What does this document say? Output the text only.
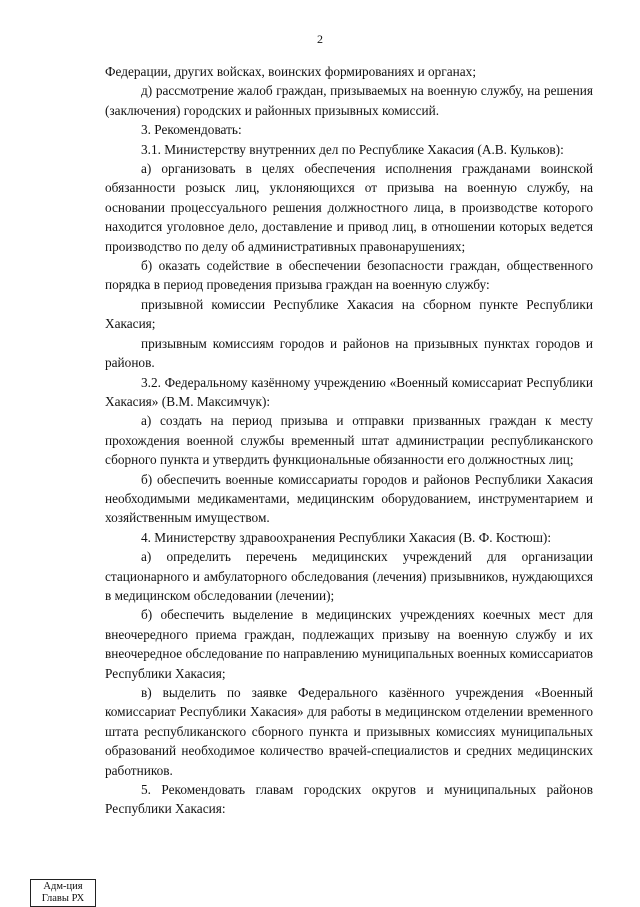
2

Федерации, других войсках, воинских формированиях и органах;

д) рассмотрение жалоб граждан, призываемых на военную службу, на решения (заключения) городских и районных призывных комиссий.

3. Рекомендовать:

3.1. Министерству внутренних дел по Республике Хакасия (А.В. Кульков):

а) организовать в целях обеспечения исполнения гражданами воинской обязанности розыск лиц, уклоняющихся от призыва на военную службу, на основании процессуального решения должностного лица, в производстве которого находится уголовное дело, доставление и привод лиц, в отношении которых ведется производство по делу об административных правонарушениях;

б) оказать содействие в обеспечении безопасности граждан, общественного порядка в период проведения призыва граждан на военную службу:

призывной комиссии Республике Хакасия на сборном пункте Республики Хакасия;

призывным комиссиям городов и районов на призывных пунктах городов и районов.

3.2. Федеральному казённому учреждению «Военный комиссариат Республики Хакасия» (В.М. Максимчук):

а) создать на период призыва и отправки призванных граждан к месту прохождения военной службы временный штат администрации республиканского сборного пункта и утвердить функциональные обязанности его должностных лиц;

б) обеспечить военные комиссариаты городов и районов Республики Хакасия необходимыми медикаментами, медицинским оборудованием, инструментарием и хозяйственным имуществом.

4. Министерству здравоохранения Республики Хакасия (В. Ф. Костюш):

а) определить перечень медицинских учреждений для организации стационарного и амбулаторного обследования (лечения) призывников, нуждающихся в медицинском обследовании (лечении);

б) обеспечить выделение в медицинских учреждениях коечных мест для внеочередного приема граждан, подлежащих призыву на военную службу и их внеочередное обследование по направлению муниципальных военных комиссариатов Республики Хакасия;

в) выделить по заявке Федерального казённого учреждения «Военный комиссариат Республики Хакасия» для работы в медицинском отделении временного штата республиканского сборного пункта и призывных комиссиях муниципальных образований необходимое количество врачей-специалистов и средних медицинских работников.

5. Рекомендовать главам городских округов и муниципальных районов Республики Хакасия:

Адм-ция
Главы РХ
